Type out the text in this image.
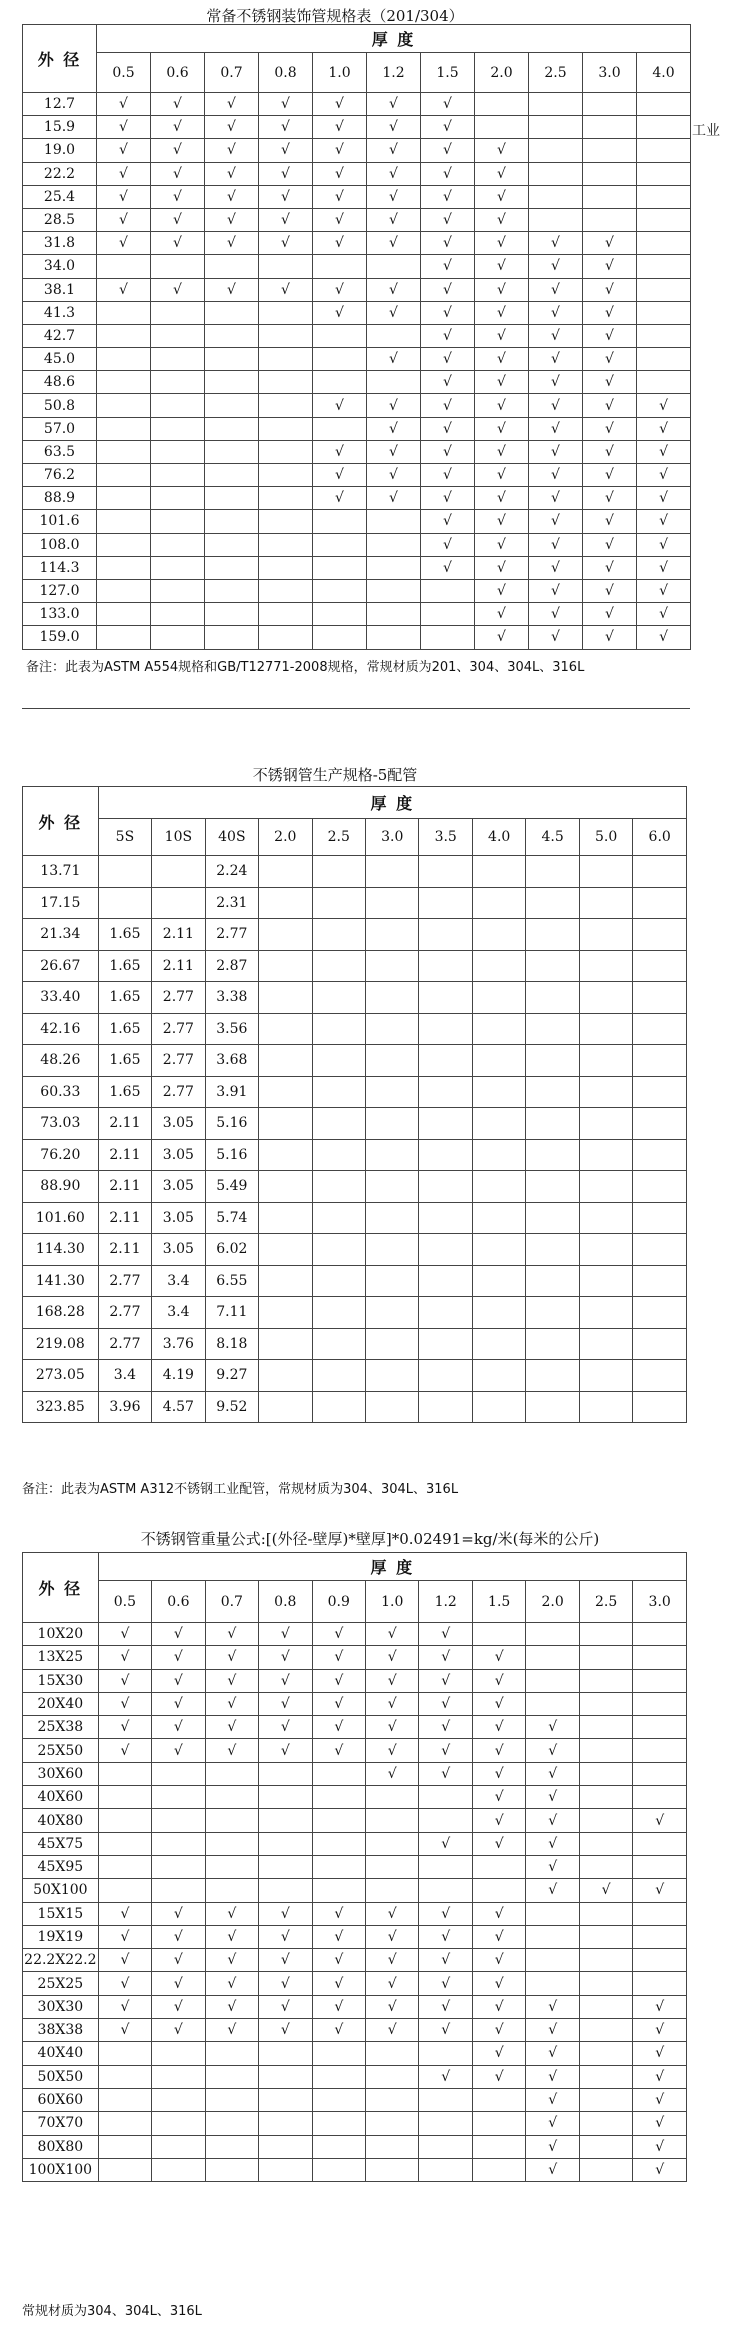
常备不锈钢装饰管规格表（201/304）
外 径	厚 度										
	0.5	0.6	0.7	0.8	1.0	1.2	1.5	2.0	2.5	3.0	4.0
12.7	√	√	√	√	√	√	√				
15.9	√	√	√	√	√	√	√				
19.0	√	√	√	√	√	√	√	√			
22.2	√	√	√	√	√	√	√	√			
25.4	√	√	√	√	√	√	√	√			
28.5	√	√	√	√	√	√	√	√			
31.8	√	√	√	√	√	√	√	√	√	√	
34.0							√	√	√	√	
38.1	√	√	√	√	√	√	√	√	√	√	
41.3					√	√	√	√	√	√	
42.7							√	√	√	√	
45.0						√	√	√	√	√	
48.6							√	√	√	√	
50.8					√	√	√	√	√	√	√
57.0						√	√	√	√	√	√
63.5					√	√	√	√	√	√	√
76.2					√	√	√	√	√	√	√
88.9					√	√	√	√	√	√	√
101.6							√	√	√	√	√
108.0							√	√	√	√	√
114.3							√	√	√	√	√
127.0								√	√	√	√
133.0								√	√	√	√
159.0								√	√	√	√
工业
备注：此表为ASTM A554规格和GB/T12771-2008规格，常规材质为201、304、304L、316L
不锈钢管生产规格-5配管
外 径	厚 度										
	5S	10S	40S	2.0	2.5	3.0	3.5	4.0	4.5	5.0	6.0
13.71			2.24								
17.15			2.31								
21.34	1.65	2.11	2.77								
26.67	1.65	2.11	2.87								
33.40	1.65	2.77	3.38								
42.16	1.65	2.77	3.56								
48.26	1.65	2.77	3.68								
60.33	1.65	2.77	3.91								
73.03	2.11	3.05	5.16								
76.20	2.11	3.05	5.16								
88.90	2.11	3.05	5.49								
101.60	2.11	3.05	5.74								
114.30	2.11	3.05	6.02								
141.30	2.77	3.4	6.55								
168.28	2.77	3.4	7.11								
219.08	2.77	3.76	8.18								
273.05	3.4	4.19	9.27								
323.85	3.96	4.57	9.52								
备注：此表为ASTM A312不锈钢工业配管，常规材质为304、304L、316L
不锈钢管重量公式:[(外径-壁厚)*壁厚]*0.02491=kg/米(每米的公斤)
外 径	厚 度										
	0.5	0.6	0.7	0.8	0.9	1.0	1.2	1.5	2.0	2.5	3.0
10X20	√	√	√	√	√	√	√				
13X25	√	√	√	√	√	√	√	√			
15X30	√	√	√	√	√	√	√	√			
20X40	√	√	√	√	√	√	√	√			
25X38	√	√	√	√	√	√	√	√	√		
25X50	√	√	√	√	√	√	√	√	√		
30X60						√	√	√	√		
40X60								√	√		
40X80								√	√		√
45X75							√	√	√		
45X95									√		
50X100									√	√	√
15X15	√	√	√	√	√	√	√	√			
19X19	√	√	√	√	√	√	√	√			
22.2X22.2	√	√	√	√	√	√	√	√			
25X25	√	√	√	√	√	√	√	√			
30X30	√	√	√	√	√	√	√	√	√		√
38X38	√	√	√	√	√	√	√	√	√		√
40X40								√	√		√
50X50							√	√	√		√
60X60									√		√
70X70									√		√
80X80									√		√
100X100									√		√
常规材质为304、304L、316L
